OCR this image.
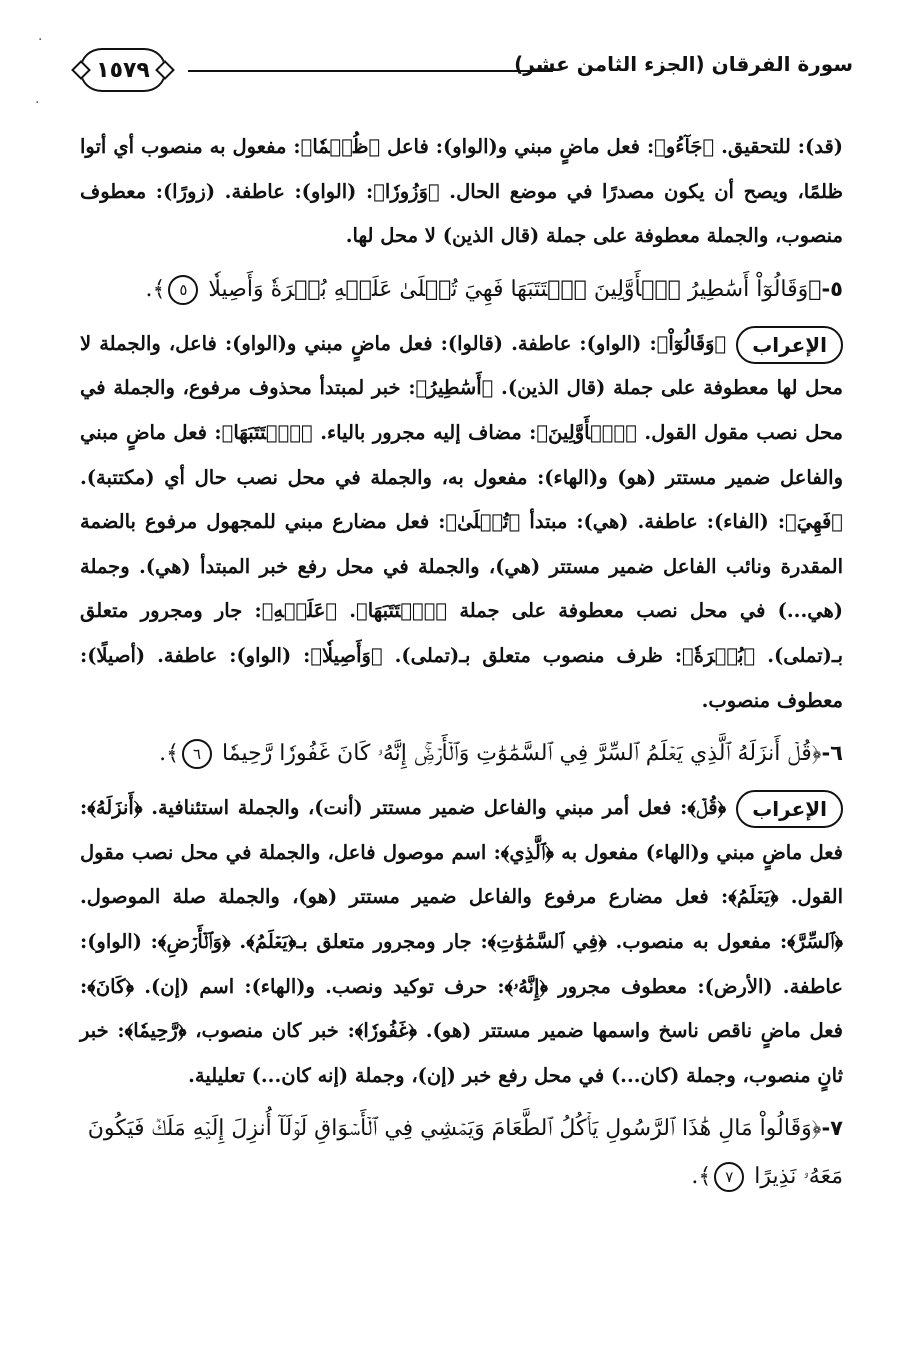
١٥٧٩	سورة الفرقان (الجزء الثامن عشر)
·
·

(قد): للتحقيق. ﴿جَآءُو﴾: فعل ماضٍ مبني و(الواو): فاعل ﴿ظُلۡمٗا﴾: مفعول به منصوب أي أتوا ظلمًا، ويصح أن يكون مصدرًا في موضع الحال. ﴿وَزُورٗا﴾: (الواو): عاطفة. (زورًا): معطوف منصوب، والجملة معطوفة على جملة (قال الذين) لا محل لها.

٥-﴿وَقَالُوٓاْ أَسَٰطِيرُ ٱلۡأَوَّلِينَ ٱكۡتَتَبَهَا فَهِيَ تُمۡلَىٰ عَلَيۡهِ بُكۡرَةٗ وَأَصِيلٗا ٥﴾.

الإعراب

﴿وَقَالُوٓاْ﴾: (الواو): عاطفة. (قالوا): فعل ماضٍ مبني و(الواو): فاعل، والجملة لا محل لها معطوفة على جملة (قال الذين). ﴿أَسَٰطِيرُ﴾: خبر لمبتدأ محذوف مرفوع، والجملة في محل نصب مقول القول. ﴿ٱلۡأَوَّلِينَ﴾: مضاف إليه مجرور بالياء. ﴿ٱكۡتَتَبَهَا﴾: فعل ماضٍ مبني والفاعل ضمير مستتر (هو) و(الهاء): مفعول به، والجملة في محل نصب حال أي (مكتتبة). ﴿فَهِيَ﴾: (الفاء): عاطفة. (هي): مبتدأ ﴿تُمۡلَىٰ﴾: فعل مضارع مبني للمجهول مرفوع بالضمة المقدرة ونائب الفاعل ضمير مستتر (هي)، والجملة في محل رفع خبر المبتدأ (هي). وجملة (هي...) في محل نصب معطوفة على جملة ﴿ٱكۡتَتَبَهَا﴾. ﴿عَلَيۡهِ﴾: جار ومجرور متعلق بـ(تملى). ﴿بُكۡرَةٗ﴾: ظرف منصوب متعلق بـ(تملى). ﴿وَأَصِيلٗا﴾: (الواو): عاطفة. (أصيلًا): معطوف منصوب.

٦-﴿قُلۡ أَنزَلَهُ ٱلَّذِي يَعۡلَمُ ٱلسِّرَّ فِي ٱلسَّمَٰوَٰتِ وَٱلۡأَرۡضِۚ إِنَّهُۥ كَانَ غَفُورٗا رَّحِيمٗا ٦﴾.

الإعراب

﴿قُلۡ﴾: فعل أمر مبني والفاعل ضمير مستتر (أنت)، والجملة استئنافية. ﴿أَنزَلَهُ﴾: فعل ماضٍ مبني و(الهاء) مفعول به ﴿ٱلَّذِي﴾: اسم موصول فاعل، والجملة في محل نصب مقول القول. ﴿يَعۡلَمُ﴾: فعل مضارع مرفوع والفاعل ضمير مستتر (هو)، والجملة صلة الموصول. ﴿ٱلسِّرَّ﴾: مفعول به منصوب. ﴿فِي ٱلسَّمَٰوَٰتِ﴾: جار ومجرور متعلق بـ﴿يَعۡلَمُ﴾. ﴿وَٱلۡأَرۡضِ﴾: (الواو): عاطفة. (الأرض): معطوف مجرور ﴿إِنَّهُۥ﴾: حرف توكيد ونصب. و(الهاء): اسم (إن). ﴿كَانَ﴾: فعل ماضٍ ناقص ناسخ واسمها ضمير مستتر (هو). ﴿غَفُورٗا﴾: خبر كان منصوب، ﴿رَّحِيمٗا﴾: خبر ثانٍ منصوب، وجملة (كان...) في محل رفع خبر (إن)، وجملة (إنه كان...) تعليلية.

٧-﴿وَقَالُواْ مَالِ هَٰذَا ٱلرَّسُولِ يَأۡكُلُ ٱلطَّعَامَ وَيَمۡشِي فِي ٱلۡأَسۡوَاقِ لَوۡلَآ أُنزِلَ إِلَيۡهِ مَلَكٞ فَيَكُونَ مَعَهُۥ نَذِيرًا ٧﴾.
